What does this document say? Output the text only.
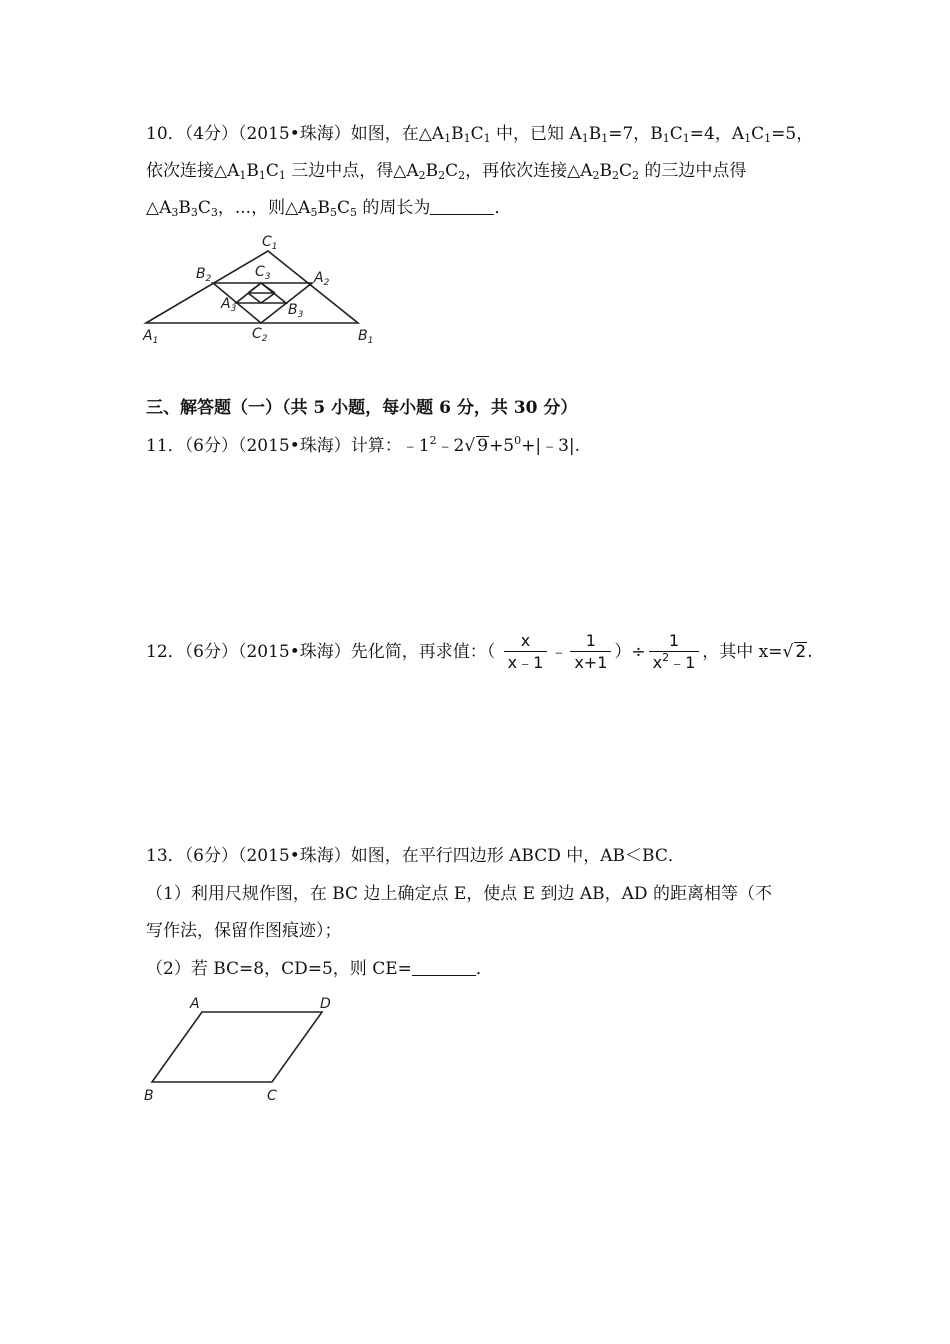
10．（4分）（2015•珠海）如图，在$\triangle A_1B_1C_1$ 中，已知 $A_1B_1=7$，$B_1C_1=4$，$A_1C_1=5$，
依次连接$\triangle A_1B_1C_1$ 三边中点，得$\triangle A_2B_2C_2$，再依次连接$\triangle A_2B_2C_2$ 的三边中点得
$\triangle A_3B_3C_3$，...，则$\triangle A_5B_5C_5$ 的周长为	．
$A_1$	$B_1$
$C_1$
$B_2$	$A_2$
$C_2$
$C_3$
$A_3$	$B_3$
三、解答题（一）（共 5 小题，每小题 6 分，共 30 分）
11．（6分）（2015•珠海）计算：$﹣1^2﹣2√$ $9+5^0+|﹣3|$.
12．（6分）（2015•珠海）先化简，再求值：（ $\frac{x}{x﹣1}$ ﹣ $\frac{1}{x+1}$ ）÷ $\frac{1}{x^2﹣1}$ ，其中 x=√ 2.
13．（6分）（2015•珠海）如图，在平行四边形 ABCD 中，AB＜BC．
（1）利用尺规作图，在 BC 边上确定点 E，使点 E 到边 AB，AD 的距离相等（不
写作法，保留作图痕迹）；
（2）若 BC=8，CD=5，则 CE=	．
A	D
B	C
